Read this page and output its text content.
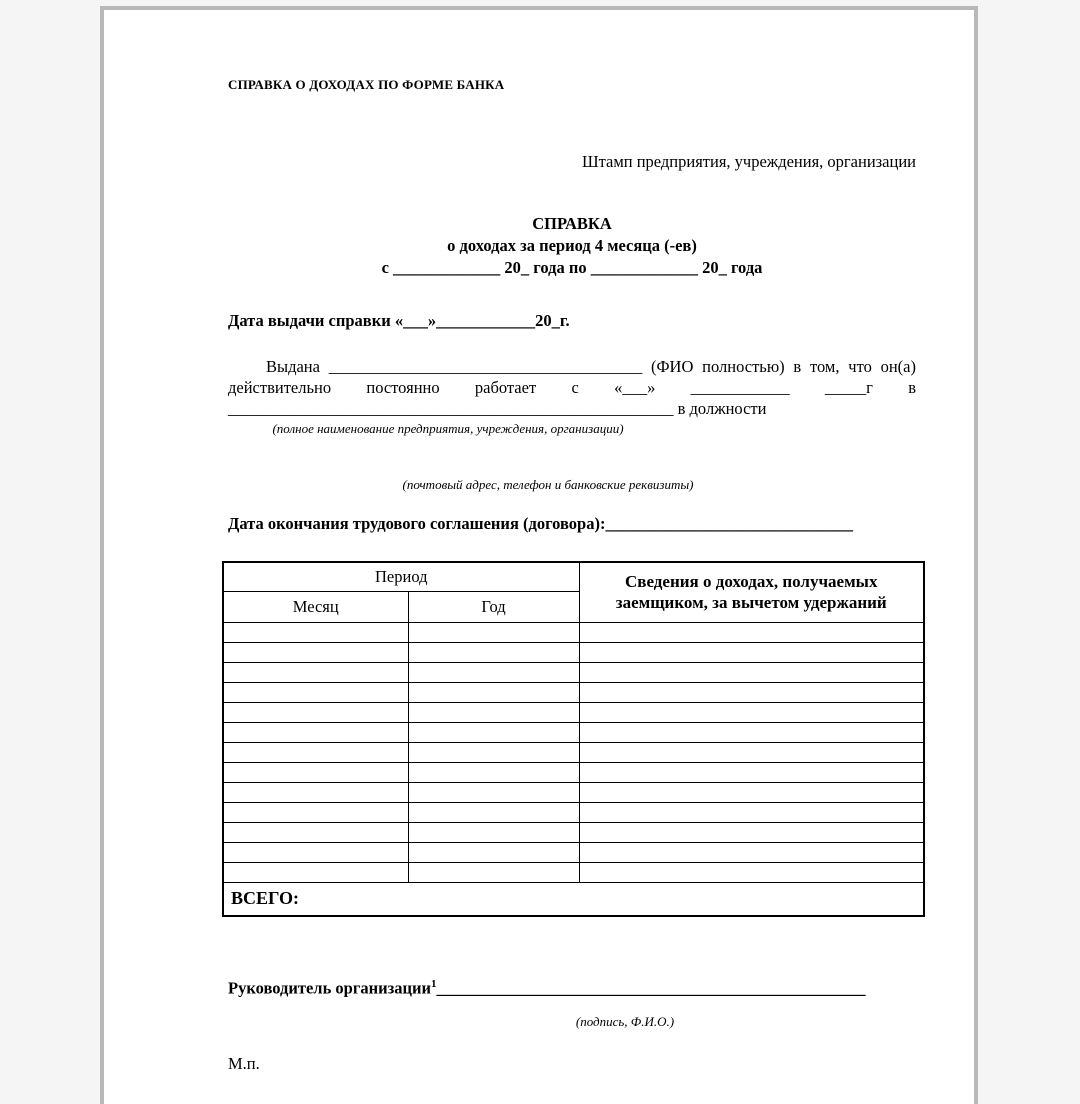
СПРАВКА О ДОХОДАХ ПО ФОРМЕ БАНКА
Штамп предприятия, учреждения, организации
СПРАВКА
о доходах за период 4 месяца (-ев)
с _____________ 20_ года по _____________ 20_ года
Дата выдачи справки «___»____________20_г.
Выдана ______________________________________ (ФИО полностью) в том, что он(а)
действительно постоянно работает с «___» ____________ _____г в
______________________________________________________ в должности
(полное наименование предприятия, учреждения, организации)
(почтовый адрес, телефон и банковские реквизиты)
Дата окончания трудового соглашения (договора):______________________________
Период		Сведения о доходах, получаемых заемщиком, за вычетом удержаний
Месяц	Год	

ВСЕГО:		
Руководитель организации$^1$____________________________________________________
(подпись, Ф.И.О.)
М.п.
